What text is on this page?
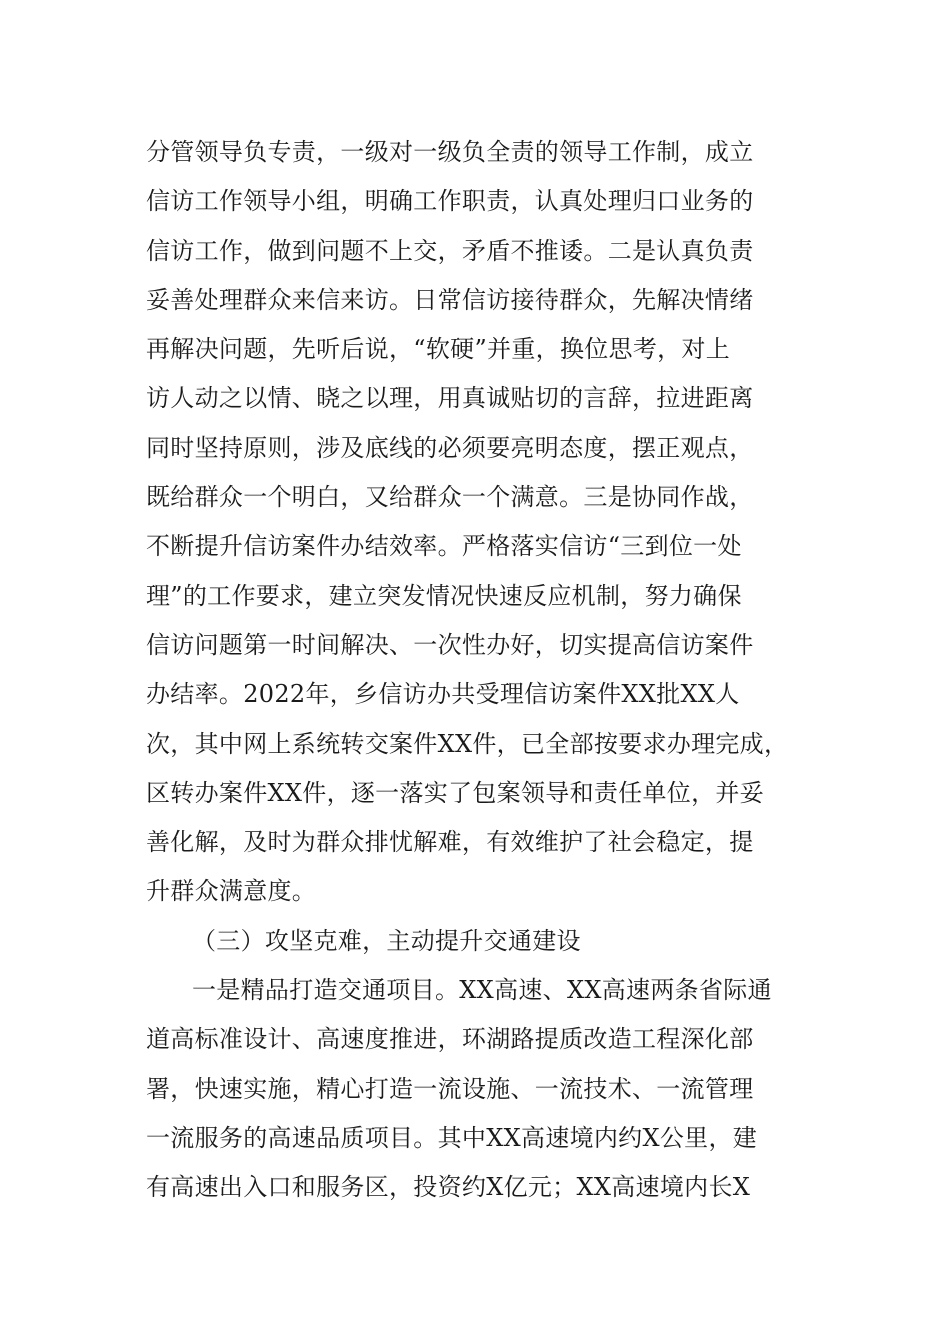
分管领导负专责，一级对一级负全责的领导工作制，成立
信访工作领导小组，明确工作职责，认真处理归口业务的
信访工作，做到问题不上交，矛盾不推诿。二是认真负责
妥善处理群众来信来访。日常信访接待群众，先解决情绪
再解决问题，先听后说，“软硬”并重，换位思考，对上
访人动之以情、晓之以理，用真诚贴切的言辞，拉进距离
同时坚持原则，涉及底线的必须要亮明态度，摆正观点，
既给群众一个明白，又给群众一个满意。三是协同作战，
不断提升信访案件办结效率。严格落实信访“三到位一处
理”的工作要求，建立突发情况快速反应机制，努力确保
信访问题第一时间解决、一次性办好，切实提高信访案件
办结率。2022年，乡信访办共受理信访案件XX批XX人
次，其中网上系统转交案件XX件，已全部按要求办理完成，
区转办案件XX件，逐一落实了包案领导和责任单位，并妥
善化解，及时为群众排忧解难，有效维护了社会稳定，提
升群众满意度。
（三）攻坚克难，主动提升交通建设
一是精品打造交通项目。XX高速、XX高速两条省际通
道高标准设计、高速度推进，环湖路提质改造工程深化部
署，快速实施，精心打造一流设施、一流技术、一流管理
一流服务的高速品质项目。其中XX高速境内约X公里，建
有高速出入口和服务区，投资约X亿元；XX高速境内长X
